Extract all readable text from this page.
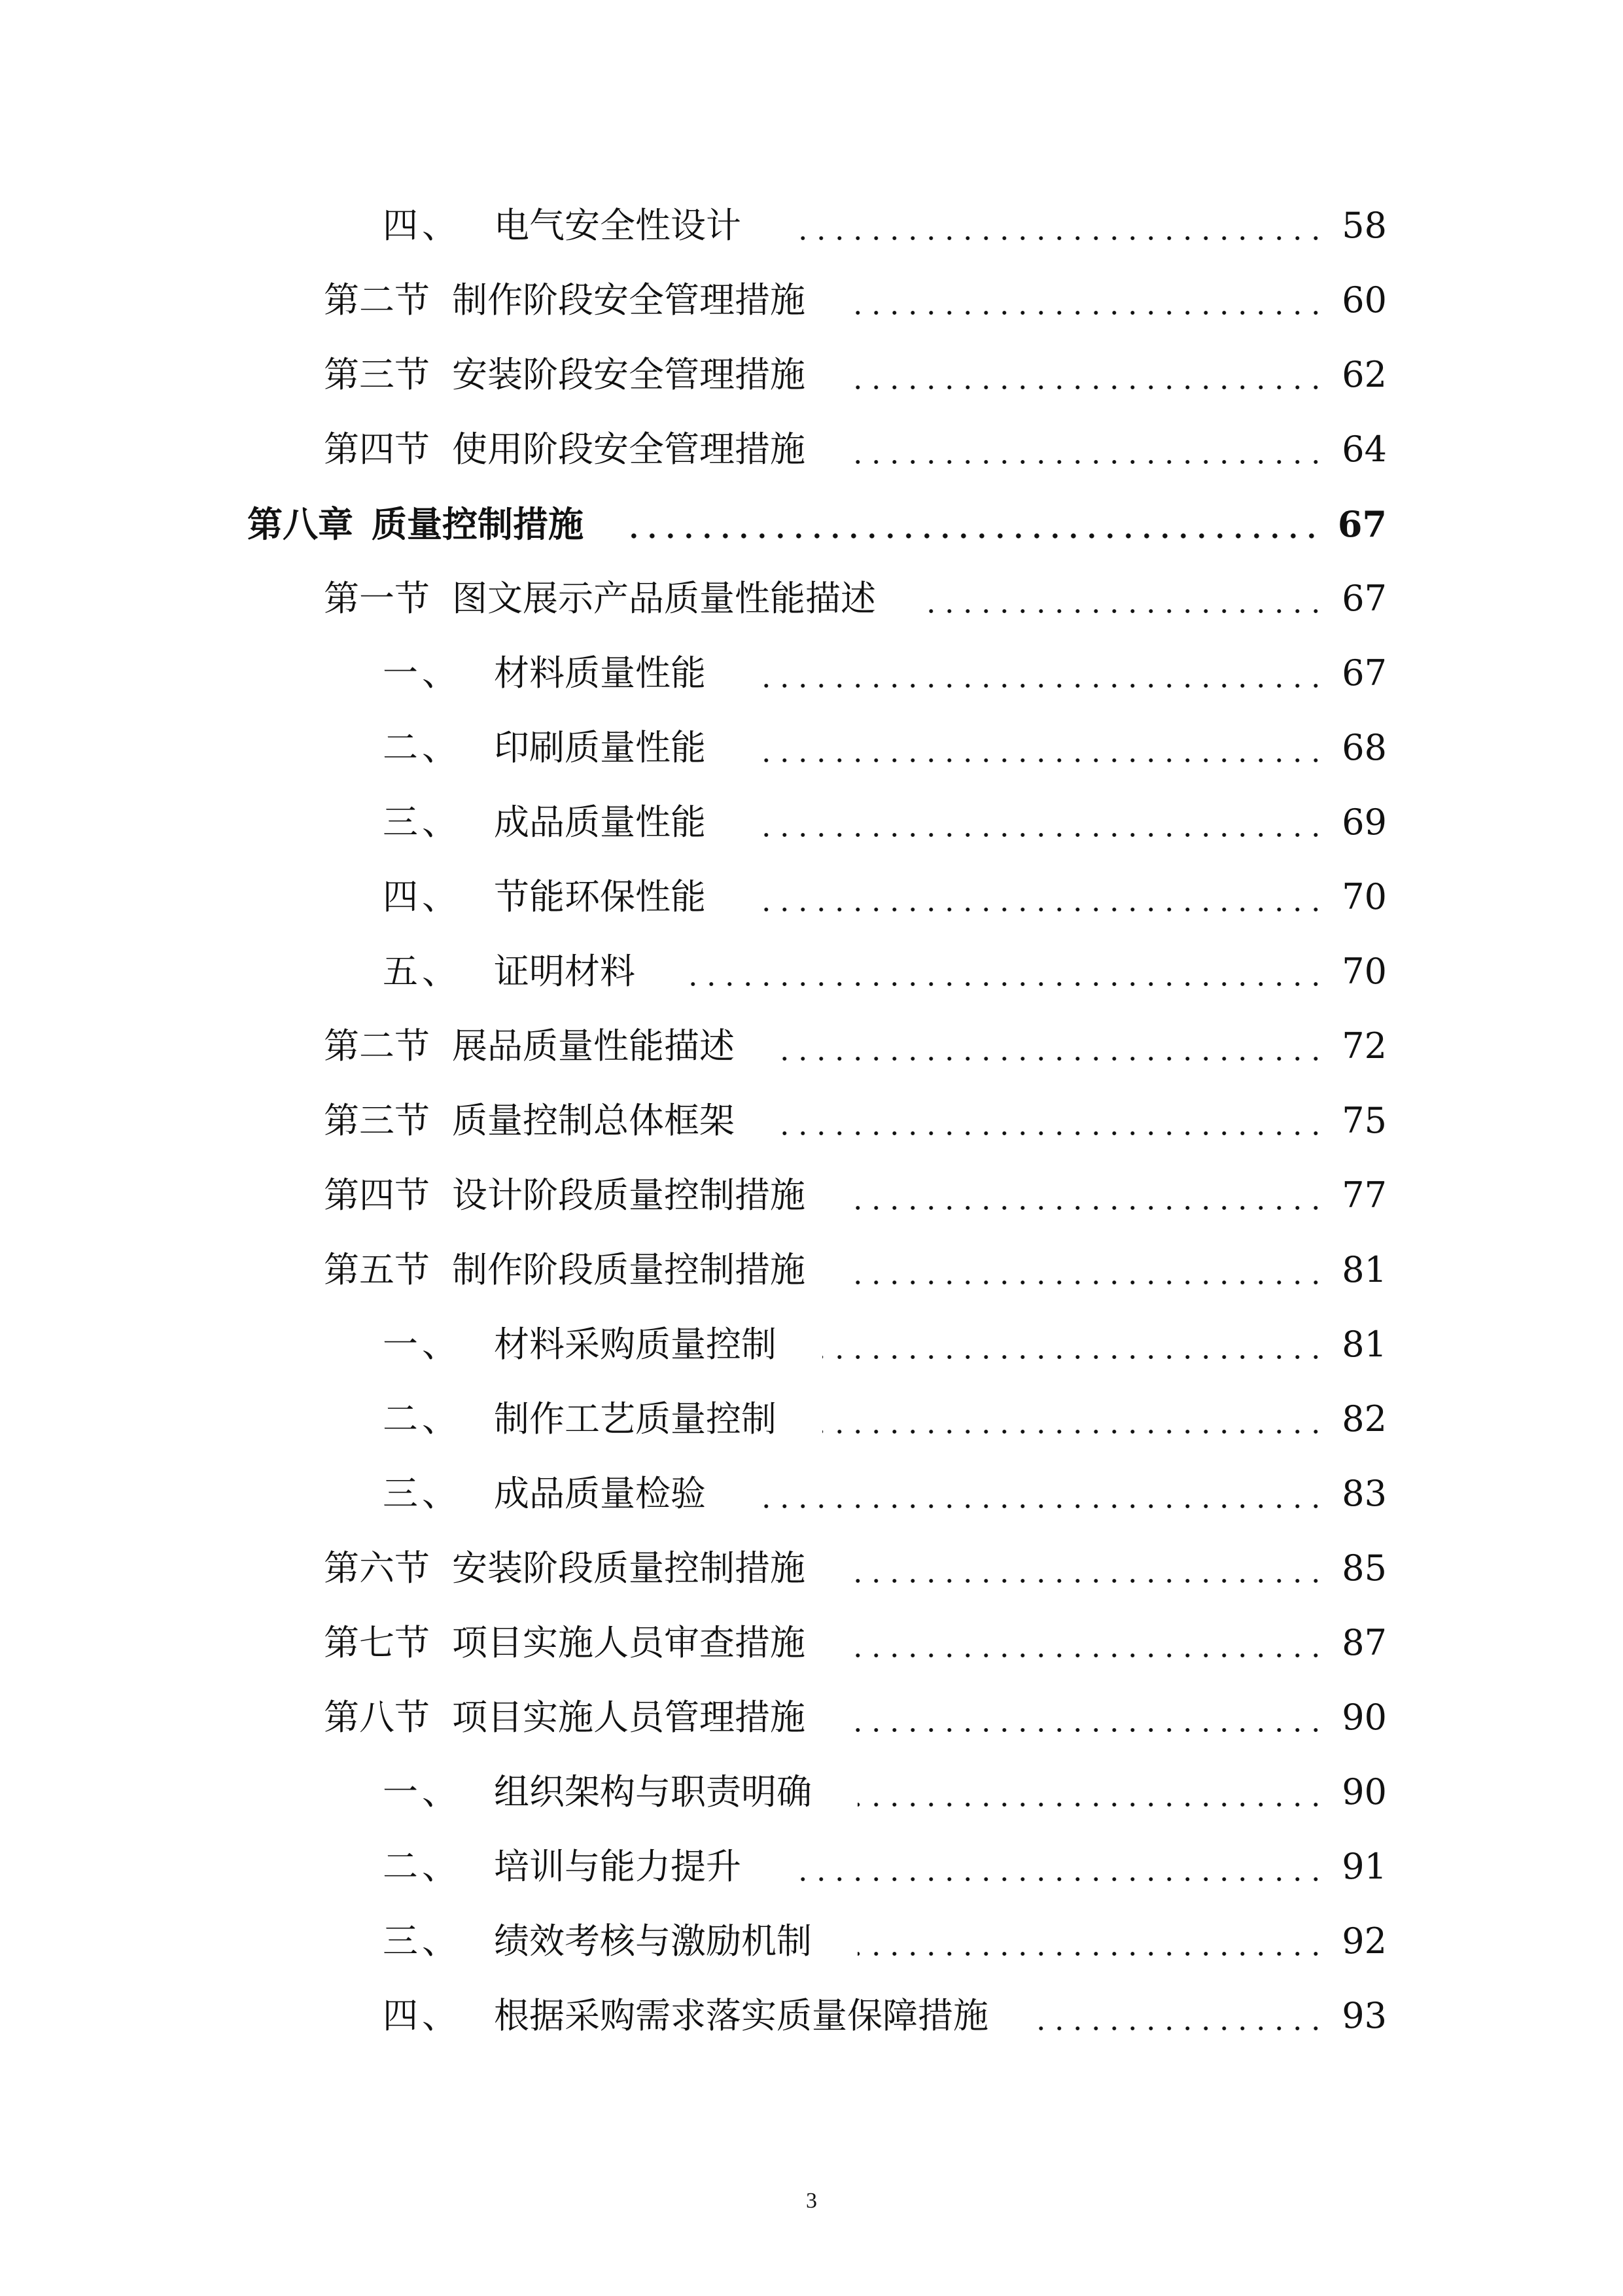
四、 电气安全性设计	58
第二节 制作阶段安全管理措施	60
第三节 安装阶段安全管理措施	62
第四节 使用阶段安全管理措施	64
第八章 质量控制措施	67
第一节 图文展示产品质量性能描述	67
一、 材料质量性能	67
二、 印刷质量性能	68
三、 成品质量性能	69
四、 节能环保性能	70
五、 证明材料	70
第二节 展品质量性能描述	72
第三节 质量控制总体框架	75
第四节 设计阶段质量控制措施	77
第五节 制作阶段质量控制措施	81
一、 材料采购质量控制	81
二、 制作工艺质量控制	82
三、 成品质量检验	83
第六节 安装阶段质量控制措施	85
第七节 项目实施人员审查措施	87
第八节 项目实施人员管理措施	90
一、 组织架构与职责明确	90
二、 培训与能力提升	91
三、 绩效考核与激励机制	92
四、 根据采购需求落实质量保障措施	93
3
